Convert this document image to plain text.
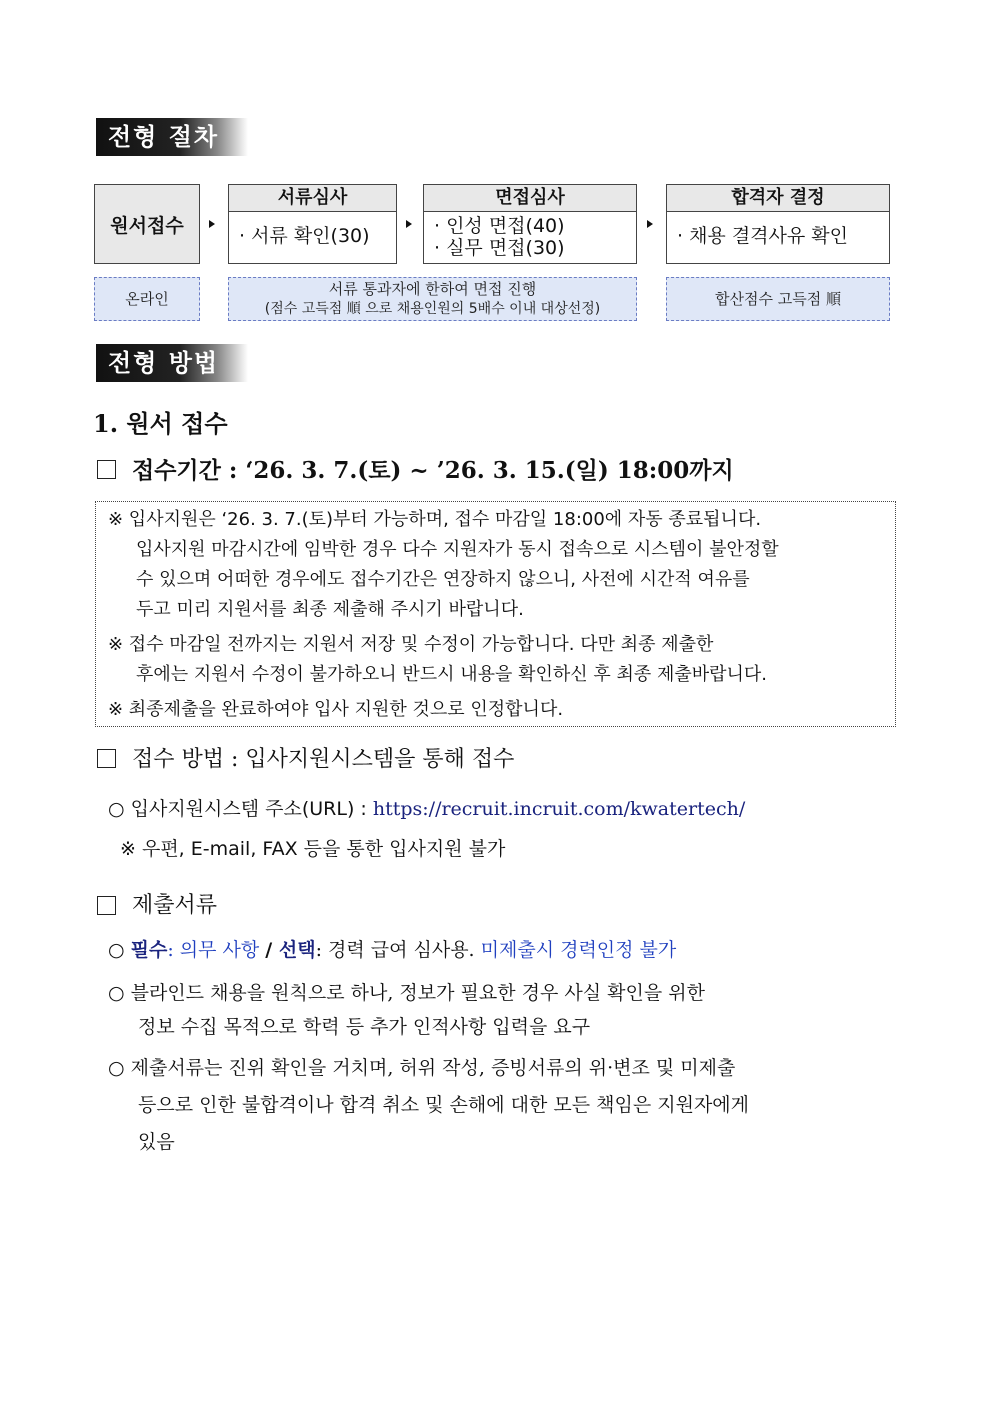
전형 절차
원서접수
서류심사
· 서류 확인(30)
면접심사
· 인성 면접(40)
· 실무 면접(30)
합격자 결정
· 채용 결격사유 확인
온라인
서류 통과자에 한하여 면접 진행
(점수 고득점 順 으로 채용인원의 5배수 이내 대상선정)
합산점수 고득점 順
전형 방법
1. 원서 접수
접수기간 : ‘26. 3. 7.(토) ~ ’26. 3. 15.(일) 18:00까지
※ 입사지원은 ‘26. 3. 7.(토)부터 가능하며, 접수 마감일 18:00에 자동 종료됩니다.
입사지원 마감시간에 임박한 경우 다수 지원자가 동시 접속으로 시스템이 불안정할
수 있으며 어떠한 경우에도 접수기간은 연장하지 않으니, 사전에 시간적 여유를
두고 미리 지원서를 최종 제출해 주시기 바랍니다.
※ 접수 마감일 전까지는 지원서 저장 및 수정이 가능합니다. 다만 최종 제출한
후에는 지원서 수정이 불가하오니 반드시 내용을 확인하신 후 최종 제출바랍니다.
※ 최종제출을 완료하여야 입사 지원한 것으로 인정합니다.
접수 방법 : 입사지원시스템을 통해 접수
○ 입사지원시스템 주소(URL) : https://recruit.incruit.com/kwatertech/
※ 우편, E-mail, FAX 등을 통한 입사지원 불가
제출서류
○ 필수: 의무 사항 / 선택: 경력 급여 심사용. 미제출시 경력인정 불가
○ 블라인드 채용을 원칙으로 하나, 정보가 필요한 경우 사실 확인을 위한
정보 수집 목적으로 학력 등 추가 인적사항 입력을 요구
○ 제출서류는 진위 확인을 거치며, 허위 작성, 증빙서류의 위·변조 및 미제출
등으로 인한 불합격이나 합격 취소 및 손해에 대한 모든 책임은 지원자에게
있음
